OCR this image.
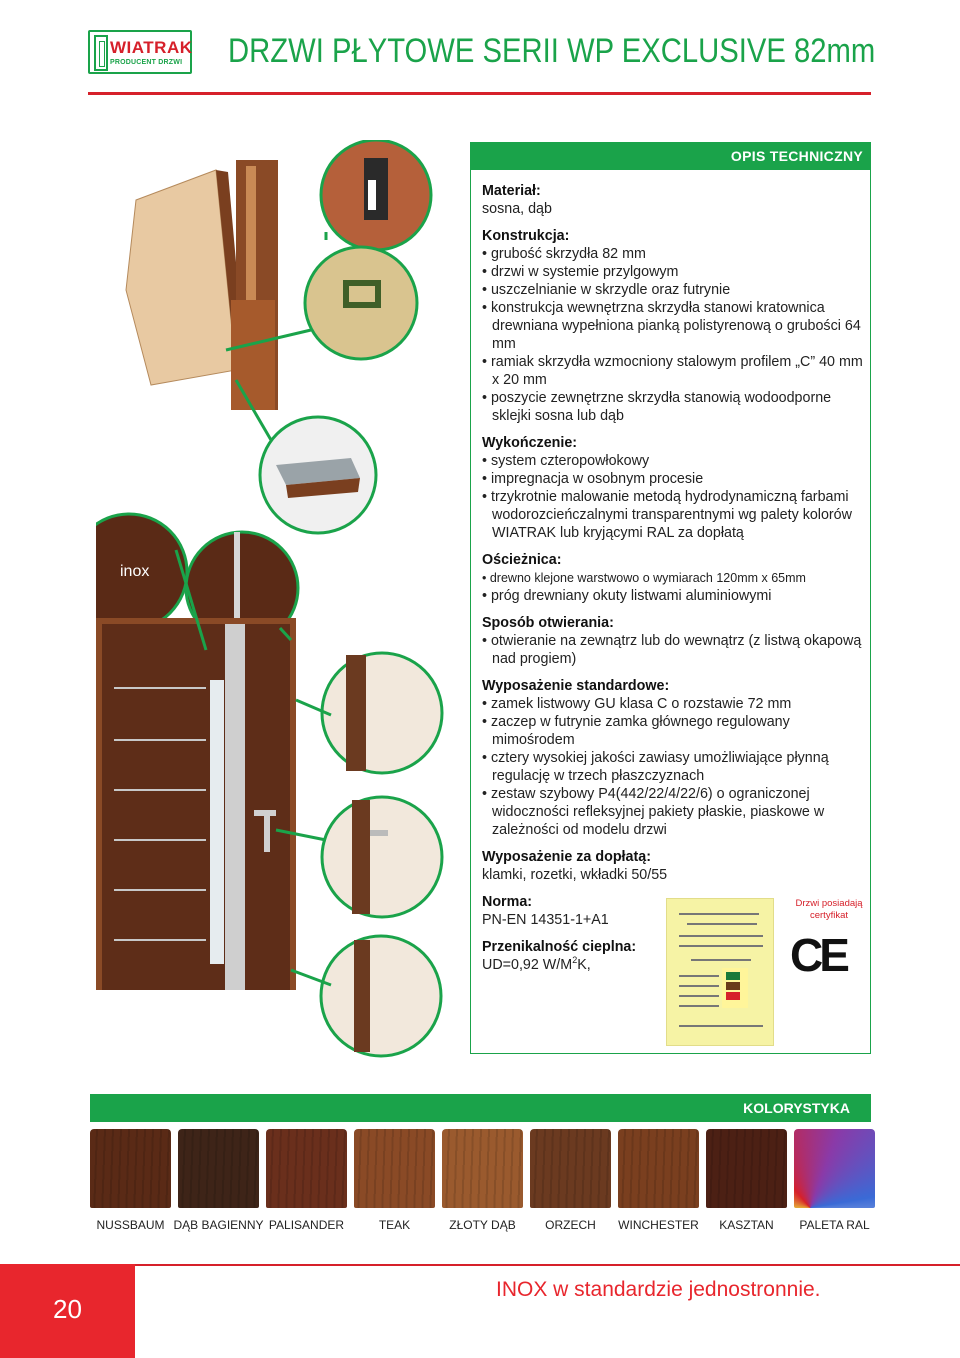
WIATRAK
PRODUCENT DRZWI DRZWI PŁYTOWE SERII WP EXCLUSIVE 82mm
inox
OPIS TECHNICZNY
Materiał:
sosna, dąb
Konstrukcja:
• grubość skrzydła 82 mm
• drzwi w systemie przylgowym
• uszczelnianie w skrzydle oraz futrynie
• konstrukcja wewnętrzna skrzydła stanowi kratownica drewniana wypełniona pianką polistyrenową o grubości 64 mm
• ramiak skrzydła wzmocniony stalowym profilem „C” 40 mm x 20 mm
• poszycie zewnętrzne skrzydła stanowią wodoodporne sklejki sosna lub dąb
Wykończenie:
• system czteropowłokowy
• impregnacja w osobnym procesie
• trzykrotnie malowanie metodą hydrodynamiczną farbami wodorozcieńczalnymi transparentnymi wg palety kolorów WIATRAK lub kryjącymi RAL za dopłatą
Ościeżnica:
• drewno klejone warstwowo o wymiarach 120mm x 65mm
• próg drewniany okuty listwami aluminiowymi
Sposób otwierania:
• otwieranie na zewnątrz lub do wewnątrz (z listwą okapową nad progiem)
Wyposażenie standardowe:
• zamek listwowy GU klasa C o rozstawie 72 mm
• zaczep w futrynie zamka głównego regulowany mimośrodem
• cztery wysokiej jakości zawiasy umożliwiające płynną regulację w trzech płaszczyznach
• zestaw szybowy P4(442/22/4/22/6) o ograniczonej widoczności refleksyjnej pakiety płaskie, piaskowe w zależności od modelu drzwi
Wyposażenie za dopłatą:
klamki, rozetki, wkładki 50/55
Norma:
PN-EN 14351-1+A1
Przenikalność cieplna:
UD=0,92 $W/M^2K$,
Drzwi posiadają certyfikat
CE
KOLORYSTYKA
NUSSBAUM DĄB BAGIENNY PALISANDER	TEAK	ZŁOTY DĄB	ORZECH	WINCHESTER	KASZTAN	PALETA RAL
20
INOX w standardzie jednostronnie.
